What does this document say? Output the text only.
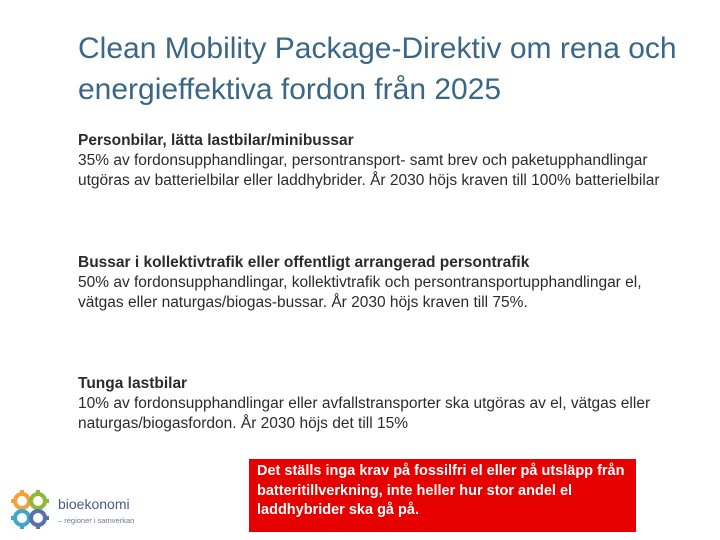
Clean Mobility Package-Direktiv om rena och energieffektiva fordon från 2025
Personbilar, lätta lastbilar/minibussar
35% av fordonsupphandlingar, persontransport- samt brev och paketupphandlingar utgöras av batterielbilar eller laddhybrider. År 2030 höjs kraven till 100% batterielbilar
Bussar i kollektivtrafik eller offentligt arrangerad persontrafik
50% av fordonsupphandlingar, kollektivtrafik och persontransportupphandlingar el, vätgas eller naturgas/biogas-bussar. År 2030 höjs kraven till 75%.
Tunga lastbilar
10% av fordonsupphandlingar eller avfallstransporter ska utgöras av el, vätgas eller naturgas/biogasfordon. År 2030 höjs det till 15%
Det ställs inga krav på fossilfri el eller på utsläpp från batteritillverkning, inte heller hur stor andel el laddhybrider ska gå på.
bioekonomi
– regioner i samverkan
